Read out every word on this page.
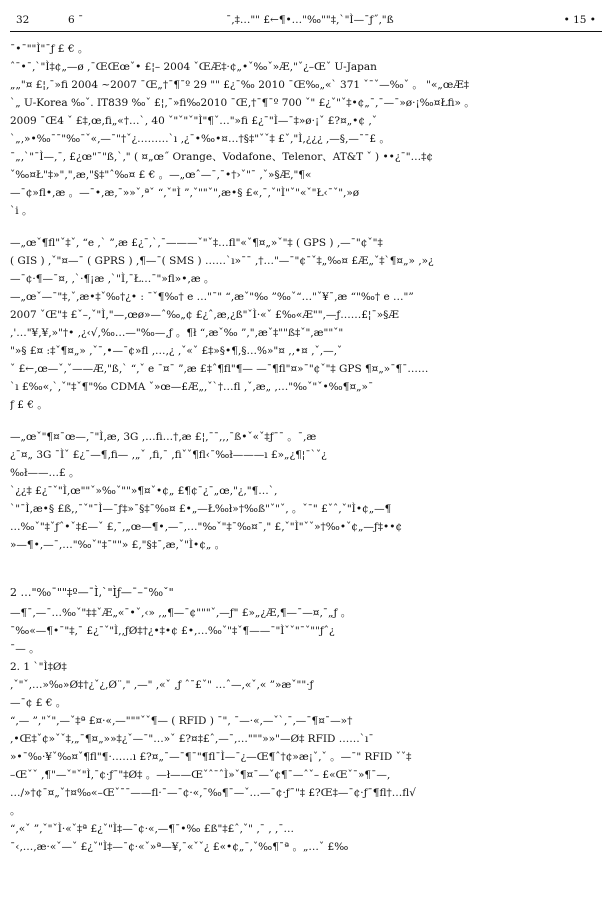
32	6 ˉ	ˉ‚‡…"" £←¶•…"‰""‡‚ˋ"Ì—ˉƒ˝‚"ß	• 15 •
ˉ•ˉ""Ì"ˉƒ £ € 。
ˆˉ•ˉ‚ˋ"Ì‡¢„—ø ‚ˉŒŒœˇ• £¦– 2004 ˇŒÆ‡·¢„•ˇ‰ˇ»Æ‚"ˇ¿–Œˇ U-Japan
„„"¤ £¦‚ˉ»fi 2004 ~2007 ˉŒ„†ˉ¶ˉº 29 "" £¿ˉ‰ 2010 ˉŒ‰„«ˋ 371 ˇˉˇ—‰ˇ 。 "«„œÆ‡
ˋ„ U-Korea ‰ˇ. IT839 ‰ˇ £¦‚ˉ»fi‰2010 ˉŒ‚†ˉ¶ˉº 700 ˇ" £¿ˇ"ˇ‡•¢„ˉ‚ˉ—ˉ»ø·¡‰¤Łfi» 。
2009 ˉŒ4 ˇ £‡‚œ‚fi„«†…ˋ‚ 40 ˇ"ˇ"ˇ"Ì"¶ˇ…"»fi £¿ˉ"Ì—ˉ‡»ø·¡ˇ £?¤„•¢ ‚ˇ
ˋ„‚»•‰ˉˉ"‰ˉˇ«‚—ˉ"†ˇ¿………ˋı ‚¿ˉ•‰•¤…†§‡"ˇˇ‡ £ˇ‚"Ì‚¿¿¿ ‚—§‚—ˉˉ£ 。
ˉ„‚ˋ"ˉÌ—‚ˉ‚ £¿œ"ˉ"ß‚ˋ‚" ( ¤„œ˝ Orange、Vodafone、Telenor、AT&T ˇ ) ••¿ˉ"…‡¢
ˇ‰¤Ł"‡»"‚"‚æ‚"§‡"ˆ‰¤ £ € 。—„œˆ—ˉ‚ˉ•†›ˇ"ˉ ‚ˇ»§Æ‚"¶«
—ˉ¢»fl•‚æ 。—ˉ•‚æ‚ˉ»»ˇ‚ªˇ “‚ˇ"Ì ”‚ˇ""ˇ"‚æ•§ £«‚ˉ‚ˇ"Ì"ˇ"«ˇ"Ł‹ˉˇ"‚»ø
ˋi 。
—„œˇ¶fl"ˇ‡ˇ‚ “e ‚ˋ ”‚æ £¿ˉ‚ˋ‚ˉ———ˇ"ˇ‡…fl"«ˇ¶¤„»ˇ"‡ ( GPS ) ‚—ˉ"¢ˇ"‡
( GIS ) ‚ˇ"¤—ˉ ( GPRS ) ‚¶—ˉ( SMS ) ……ˋı»ˉˉ ‚†…"—ˉ"¢ˉˇ‡„‰¤ £Æ„ˇ‡ˋ¶¤„» ‚»¿
—ˉ¢·¶—ˉ¤‚ ‚ˋ·¶¡æ ‚ˋ"Ì‚ˉŁ…ˉ"»fl»•‚æ 。
—„œˇ—ˉ"‡‚ˇ‚æ•‡ˇ‰†¿• : ˉˇ¶‰† e …"ˉ" “‚æˇ"‰ ”‰ˇ“…"ˇ¥ˉ‚æ “"‰† e …"”
2007 ˇŒ"‡ £ˇ–‚ˇ"Ì‚"—‚œø»—ˆ‰„¢ £¿ˆ‚æ‚¿ß"ˇÌ·«ˇ £‰«Æ""‚—ƒ……£¦ˉ»§Æ
‚'…"¥‚¥‚»"†• ‚¿‹√‚‰…—"‰—‚ƒ 。¶ł “‚æˇ‰ ”‚"‚æˇ‡""ß‡ˇ"‚æ""ˇ"
"»§ £¤ :‡ˇ¶¤„» ‚ˇˉ‚•—ˉ¢»fl ‚…‚¿ ‚ˇ«ˇ £‡»§•¶‚§…%»"¤ ‚‚•¤ ‚ˇ‚—‚ˇ
ˇ £←‚œ—ˇ‚ˇ——Æ‚"ß‚ˋ “‚ˇ e ˉ¤ˉ ”‚æ £‡ˆ¶fl"¶— —ˉ¶fl"¤»ˉ"¢ˇ"‡ GPS ¶¤„»ˉ¶ˉ……
ˋı £‰«‚ˋ‚ˇ"‡ˇ¶"‰ CDMA ˇ»œ—£Æ„‚ˇˋ†…fl ‚ˇ‚æ„ ‚…"‰ˇ"ˇ•‰¶¤„»ˉ
ƒ £ € 。
—„œˇ"¶¤ˉœ—‚ˉ"Ì‚æ‚ 3G ‚…fi…†‚æ £¦‚ˉˉ‚‚‚ˉß•ˇ«ˇ‡ƒˉˉ 。ˉ‚æ
¿ˉ¤„ 3G ˉÌˇ £¿ˉ—¶‚fi— ‚„ˇ ‚fi‚ˉ ‚fiˇˇ¶fl‹ˉ‰ł———ı £»„¿¶¦ˉˋˇ¿
‰ł——…£ 。
ˋ¿¿‡ £¿ˉˇ"Ì‚œ""ˇ»‰ˇ""»¶¤ˇ•¢„ £¶¢ˉ¿ˉ„œ‚"¿‚"¶…ˋ‚
ˋ"ˉÌ‚æ•§ £ß‚‚ˉˇ"ˉÌ—ˉƒ‡»ˉ§‡ˉ‰¤ £•„—Ł‰ł»†‰ß"ˇ"ˇ‚ 。ˇˉ" £ˇˆ‚ˇ"Ì•¢„—¶
…‰ˇ"‡ˇƒˆ•ˇ‡£—ˇ £‚¯‚„œ—¶•‚—ˉ‚…"‰ˇ"‡ˉ‰¤ˉ‚" £‚ˇ"Ì"ˇˇ»†‰•ˇ¢„—ƒ‡••¢
»—¶•‚—ˉ‚…"‰ˇ"‡ˉ""» £‚"§‡ˉ‚æ‚ˇ"Ì•¢„ 。
2 …"‰ˉ""‡º—ˉÌ‚ˋ"Ìƒ—ˉ–ˉ‰ˇ"
—¶ˉ‚—ˉ…‰ˇ"‡‡ˇÆ„«ˉ•ˇ‚‹» ‚„¶—ˉ¢"""ˇ‚—ƒ" £»„¿Æ‚¶—ˉ—¤‚ˉ„ƒ 。
ˉ‰«—¶•ˉ"‡‚ˉ £¿ˉˇ"Ì‚‚ƒØ‡†¿•‡•¢ £•‚…‰ˇ"‡ˇ¶——ˉ"Ìˇˇ"ˉˇ""ƒˆ¿
ˉ— 。
2. 1 ˋ"Ì‡Ø‡
‚ˇ"ˇ‚…»‰»Ø‡†¿ˇ¿‚Ø¨‚" ‚—" ‚«ˇ ‚ƒ ˆˉ£ˇ" …ˆ—‚«ˇ‚« ”»æˇ""·ƒ
—ˉ¢ £ € 。
“‚— ”‚"ˇ"‚—ˇ‡ª £¤·«‚—"""ˇˇ¶— ( RFID ) ˉ"‚ ˉ—·«‚—ˇˋ‚ˉ‚—ˉ¶¤ˉ—»†
‚•Œ‡ˇ¢»ˇˇ‡‚„ˉ¶¤„»»‡¿ˇ—ˉ"…»ˇ £?¤‡£ˆ‚—ˉ‚…"""»»"—Ø‡ RFID ……ˋıˉ
»•ˉ‰·¥ˇ‰¤ˇ¶fl"¶·……ı £?¤„ˉ—ˉ¶ˉ"¶flˉÌ—ˉ¿—Œ¶ˆ†¢»æ¡ˇ‚ˇ 。—ˉ" RFID ˇˇ‡
–Œˇˇ ‚¶"—ˇ"ˇ"Ì‚ˉ¢·ƒˉ"‡Ø‡ 。—ł——ŒˇˆˉˆÌ»ˇ¶¤ˉ—ˇ¢¶ˉ—ˆˇ– £«Œˇˉ»¶ˉ—‚
…/»†¢ˉ¤„ˇ†¤‰«–Œˇˉˉ——fl·ˉ—ˉ¢·«‚ˉ‰¶ˉ—ˇ…—ˉ¢·ƒˉ"‡ £?Œ‡—ˉ¢·ƒˉ¶fl†…fl√
。
“‚«ˇ ”‚ˇ"ˇÌ·«ˇ‡ª £¿ˇ"Ì‡—ˉ¢·«‚—¶ˉ•‰ £ß"‡£ˆ‚ˇ" ‚ˉ ‚ ‚ˉ…
ˉ‹‚…‚æ·«ˇ—ˇ £¿ˇ"Ì‡—ˉ¢·«ˇ»ª—¥‚ˉ«ˇˇ¿ £«•¢„ˉ‚ˇ‰¶ˉª 。„…ˇ £‰
